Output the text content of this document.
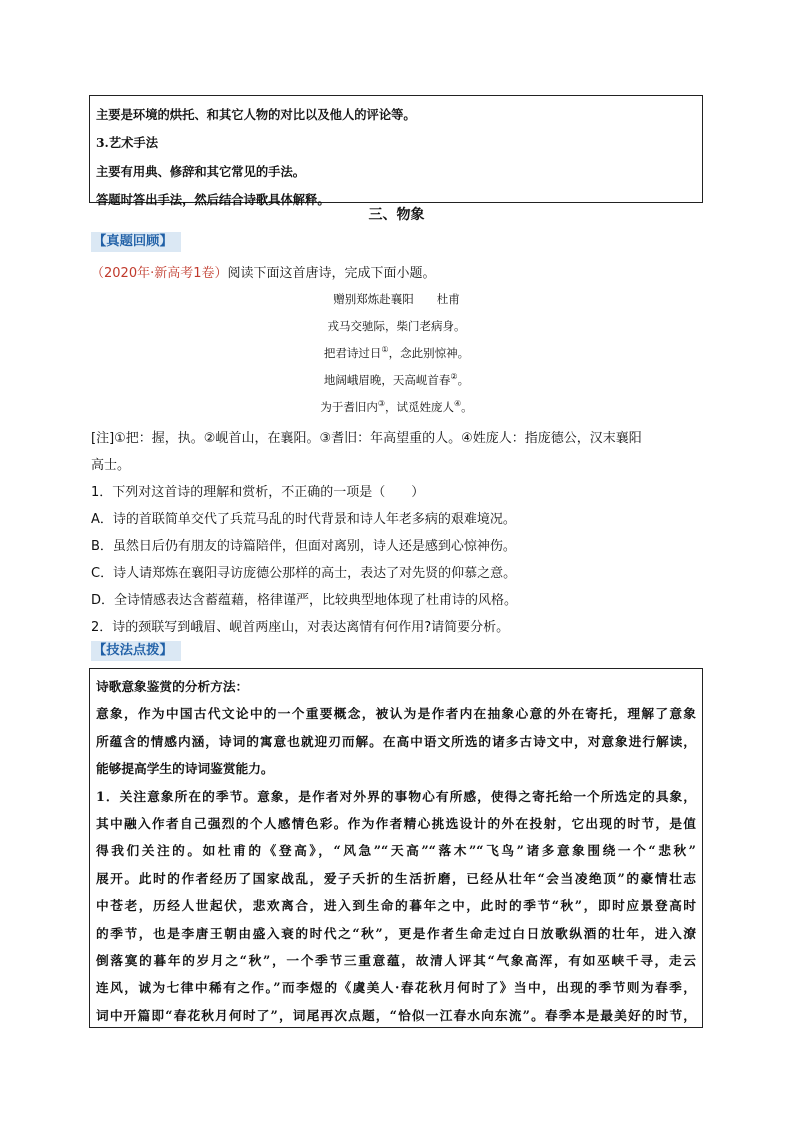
主要是环境的烘托、和其它人物的对比以及他人的评论等。
3.艺术手法
主要有用典、修辞和其它常见的手法。
答题时答出手法，然后结合诗歌具体解释。
三、物象
【真题回顾】
（2020年·新高考1卷）阅读下面这首唐诗，完成下面小题。
赠别郑炼赴襄阳　　 杜甫
戎马交驰际，柴门老病身。
把君诗过日①，念此别惊神。
地阔峨眉晚，天高岘首春②。
为于耆旧内③，试觅姓庞人④。
[注]①把：握，执。②岘首山，在襄阳。③耆旧：年高望重的人。④姓庞人：指庞德公，汉末襄阳
高士。
1．下列对这首诗的理解和赏析，不正确的一项是（　　）
A．诗的首联简单交代了兵荒马乱的时代背景和诗人年老多病的艰难境况。
B．虽然日后仍有朋友的诗篇陪伴，但面对离别，诗人还是感到心惊神伤。
C．诗人请郑炼在襄阳寻访庞德公那样的高士，表达了对先贤的仰慕之意。
D．全诗情感表达含蓄蕴藉，格律谨严，比较典型地体现了杜甫诗的风格。
2．诗的颈联写到峨眉、岘首两座山，对表达离情有何作用?请简要分析。
【技法点拨】
诗歌意象鉴赏的分析方法：
意象，作为中国古代文论中的一个重要概念，被认为是作者内在抽象心意的外在寄托，理解了意象
所蕴含的情感内涵，诗词的寓意也就迎刃而解。在高中语文所选的诸多古诗文中，对意象进行解读，
能够提高学生的诗词鉴赏能力。
1．关注意象所在的季节。意象，是作者对外界的事物心有所感，使得之寄托给一个所选定的具象，
其中融入作者自己强烈的个人感情色彩。作为作者精心挑选设计的外在投射，它出现的时节，是值
得我们关注的。如杜甫的《登高》，“风急”“天高”“落木”“飞鸟”诸多意象围绕一个“悲秋”
展开。此时的作者经历了国家战乱，爱子夭折的生活折磨，已经从壮年“会当凌绝顶”的豪情壮志
中苍老，历经人世起伏，悲欢离合，进入到生命的暮年之中，此时的季节“秋”，即时应景登高时
的季节，也是李唐王朝由盛入衰的时代之“秋”，更是作者生命走过白日放歌纵酒的壮年，进入潦
倒落寞的暮年的岁月之“秋”，一个季节三重意蕴，故清人评其“气象高浑，有如巫峡千寻，走云
连风，诚为七律中稀有之作。”而李煜的《虞美人·春花秋月何时了》当中，出现的季节则为春季，
词中开篇即“春花秋月何时了”，词尾再次点题，“恰似一江春水向东流”。春季本是最美好的时节，
